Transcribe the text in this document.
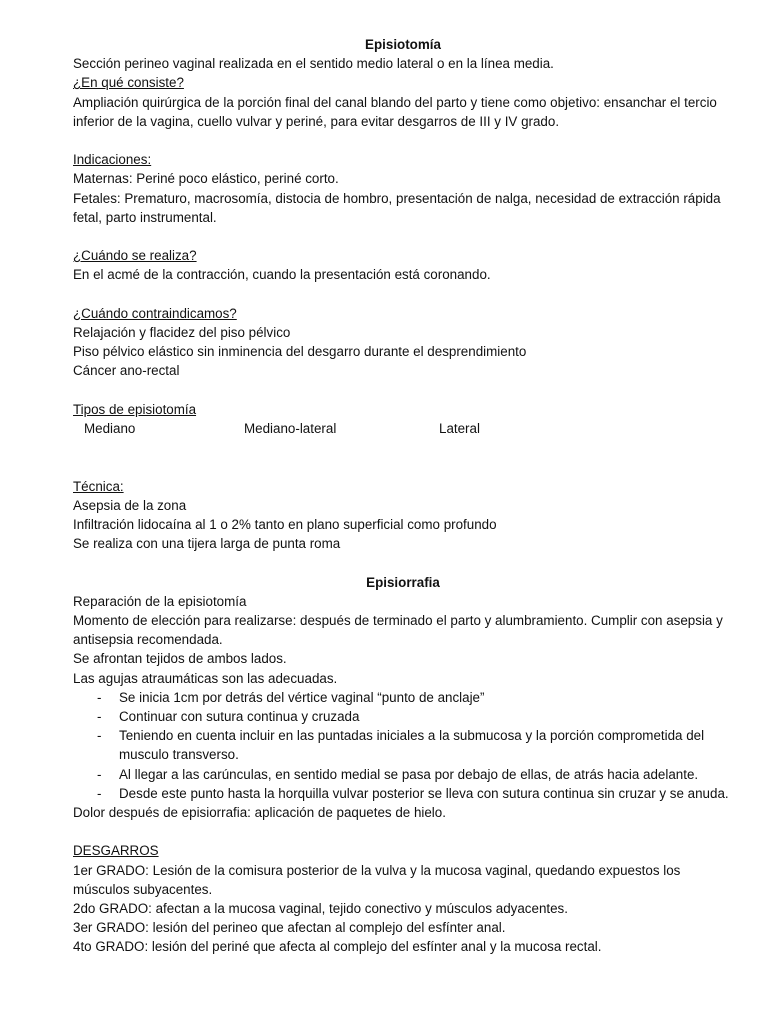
Episiotomía
Sección perineo vaginal realizada en el sentido medio lateral o en la línea media.
¿En qué consiste?
Ampliación quirúrgica de la porción final del canal blando del parto y tiene como objetivo: ensanchar el tercio inferior de la vagina, cuello vulvar y periné, para evitar desgarros de III y IV grado.
Indicaciones:
Maternas: Periné poco elástico, periné corto.
Fetales: Prematuro, macrosomía, distocia de hombro, presentación de nalga, necesidad de extracción rápida fetal, parto instrumental.
¿Cuándo se realiza?
En el acmé de la contracción, cuando la presentación está coronando.
¿Cuándo contraindicamos?
Relajación y flacidez del piso pélvico
Piso pélvico elástico sin inminencia del desgarro durante el desprendimiento
Cáncer ano-rectal
Tipos de episiotomía
Mediano	Mediano-lateral	Lateral
Técnica:
Asepsia de la zona
Infiltración lidocaína al 1 o 2% tanto en plano superficial como profundo
Se realiza con una tijera larga de punta roma
Episiorrafia
Reparación de la episiotomía
Momento de elección para realizarse: después de terminado el parto y alumbramiento. Cumplir con asepsia y antisepsia recomendada.
Se afrontan tejidos de ambos lados.
Las agujas atraumáticas son las adecuadas.
- Se inicia 1cm por detrás del vértice vaginal “punto de anclaje”
- Continuar con sutura continua y cruzada
- Teniendo en cuenta incluir en las puntadas iniciales a la submucosa y la porción comprometida del musculo transverso.
- Al llegar a las carúnculas, en sentido medial se pasa por debajo de ellas, de atrás hacia adelante.
- Desde este punto hasta la horquilla vulvar posterior se lleva con sutura continua sin cruzar y se anuda.
Dolor después de episiorrafia: aplicación de paquetes de hielo.
DESGARROS
1er GRADO: Lesión de la comisura posterior de la vulva y la mucosa vaginal, quedando expuestos los músculos subyacentes.
2do GRADO: afectan a la mucosa vaginal, tejido conectivo y músculos adyacentes.
3er GRADO: lesión del perineo que afectan al complejo del esfínter anal.
4to GRADO: lesión del periné que afecta al complejo del esfínter anal y la mucosa rectal.
